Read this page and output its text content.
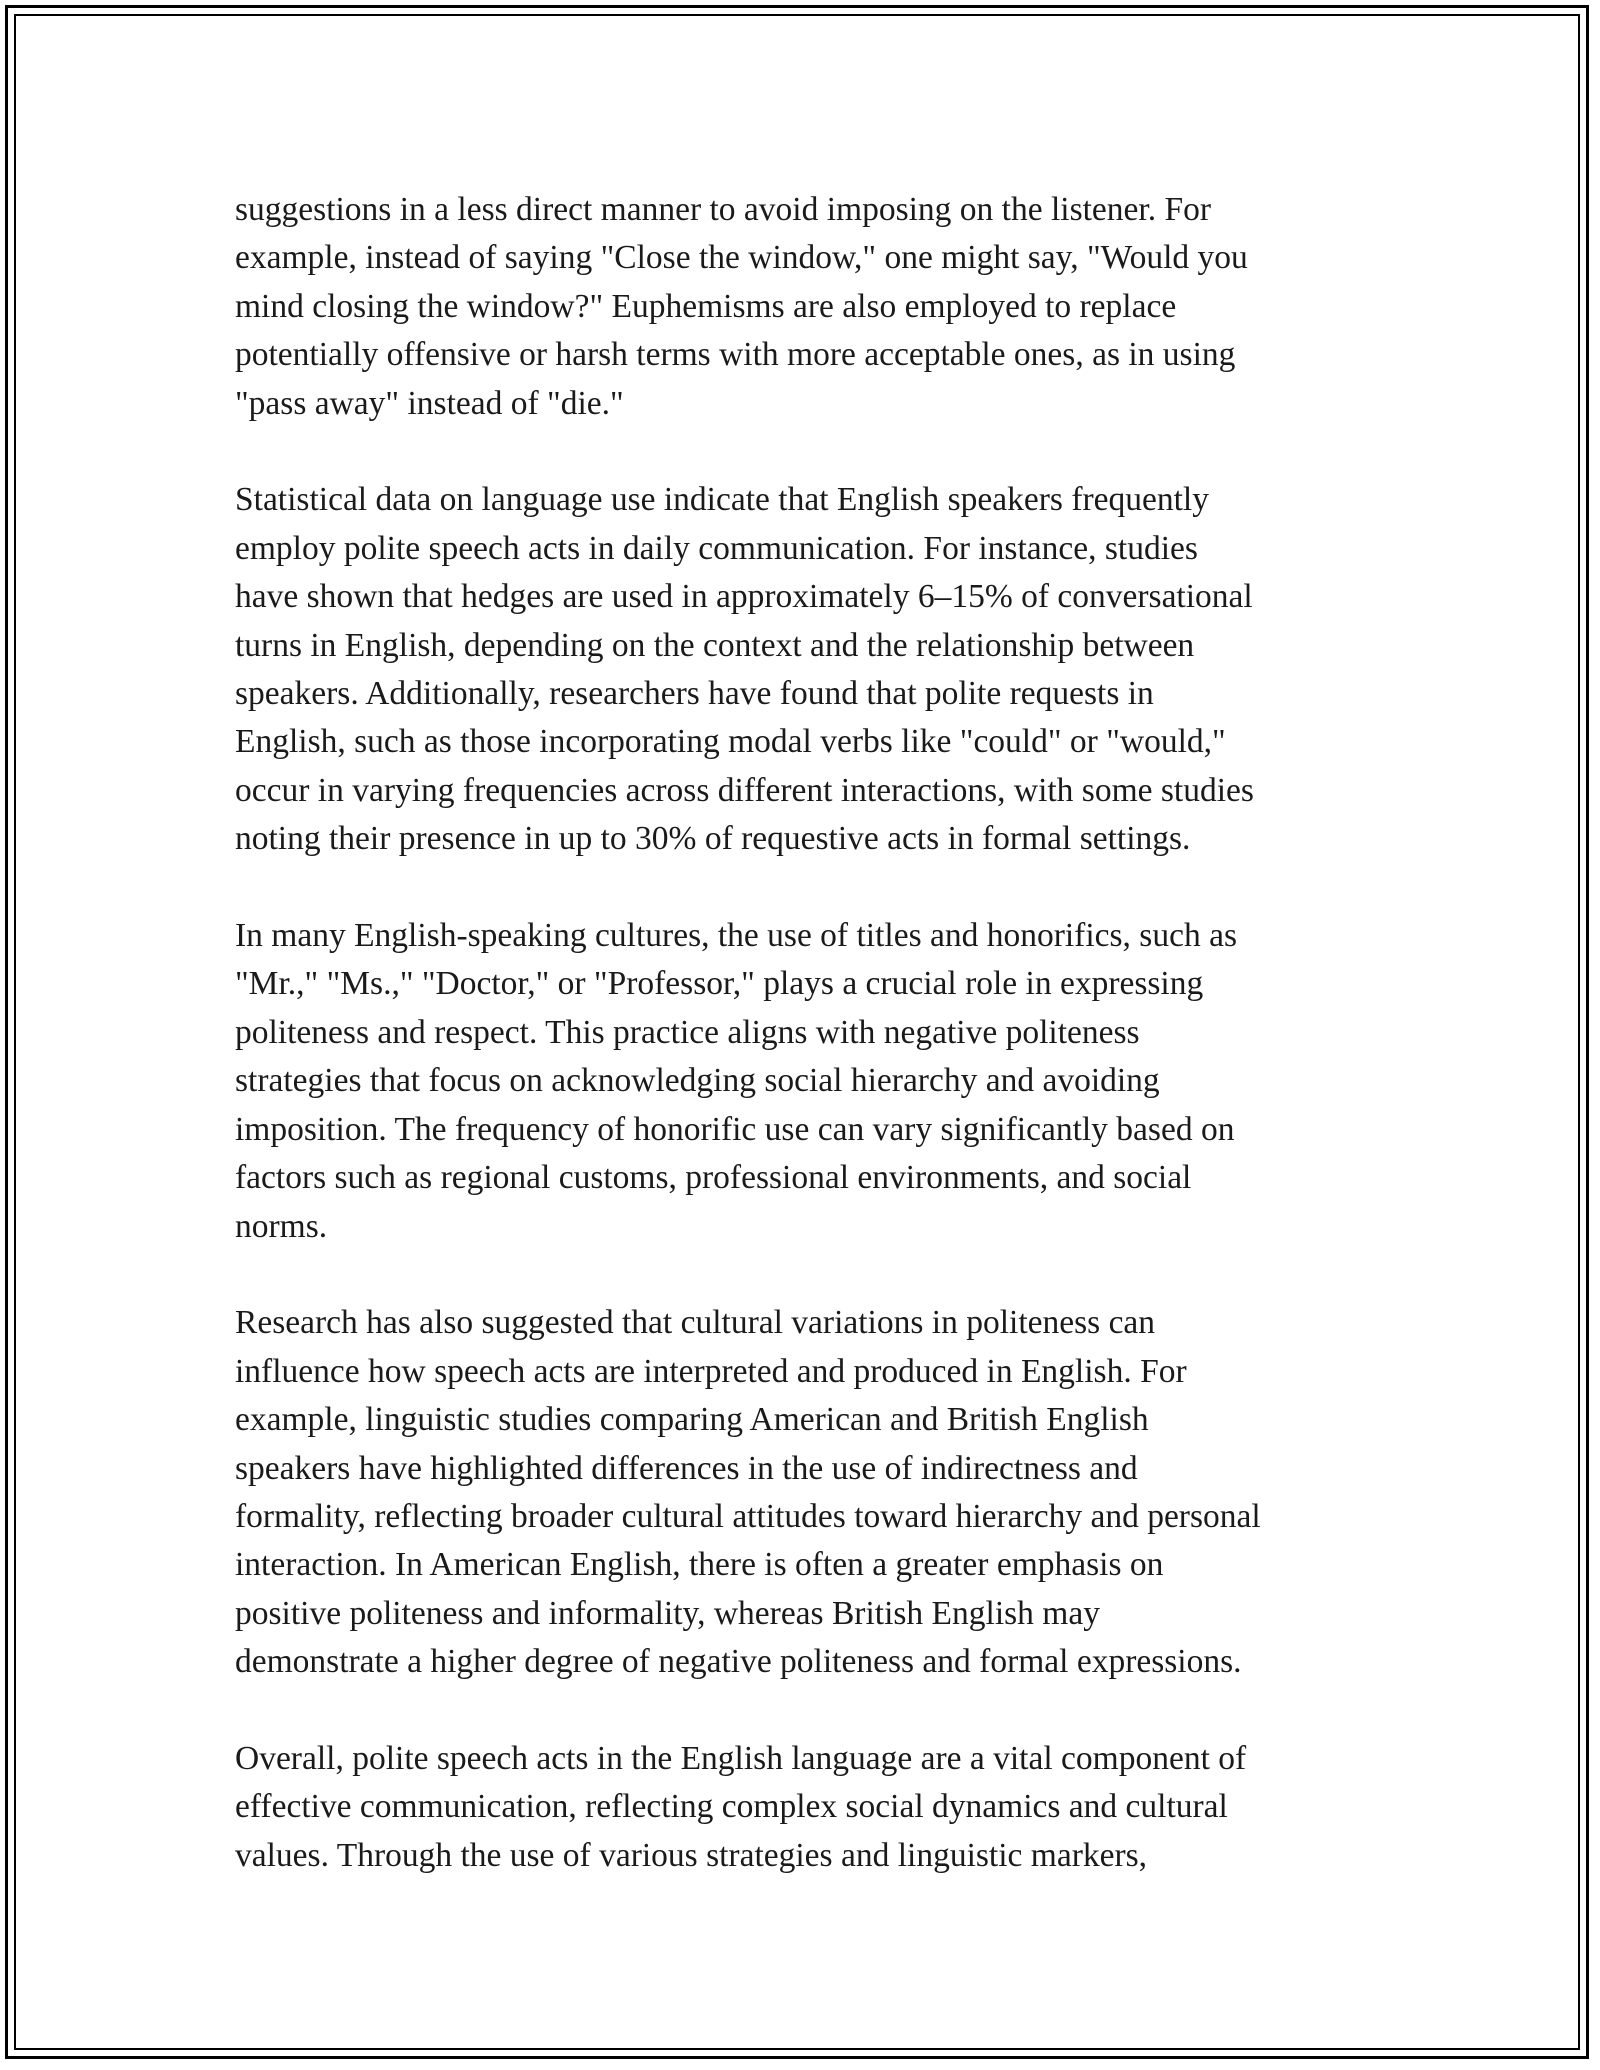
suggestions in a less direct manner to avoid imposing on the listener. For
example, instead of saying "Close the window," one might say, "Would you
mind closing the window?" Euphemisms are also employed to replace
potentially offensive or harsh terms with more acceptable ones, as in using
"pass away" instead of "die."

Statistical data on language use indicate that English speakers frequently
employ polite speech acts in daily communication. For instance, studies
have shown that hedges are used in approximately 6–15% of conversational
turns in English, depending on the context and the relationship between
speakers. Additionally, researchers have found that polite requests in
English, such as those incorporating modal verbs like "could" or "would,"
occur in varying frequencies across different interactions, with some studies
noting their presence in up to 30% of requestive acts in formal settings.

In many English-speaking cultures, the use of titles and honorifics, such as
"Mr.," "Ms.," "Doctor," or "Professor," plays a crucial role in expressing
politeness and respect. This practice aligns with negative politeness
strategies that focus on acknowledging social hierarchy and avoiding
imposition. The frequency of honorific use can vary significantly based on
factors such as regional customs, professional environments, and social
norms.

Research has also suggested that cultural variations in politeness can
influence how speech acts are interpreted and produced in English. For
example, linguistic studies comparing American and British English
speakers have highlighted differences in the use of indirectness and
formality, reflecting broader cultural attitudes toward hierarchy and personal
interaction. In American English, there is often a greater emphasis on
positive politeness and informality, whereas British English may
demonstrate a higher degree of negative politeness and formal expressions.

Overall, polite speech acts in the English language are a vital component of
effective communication, reflecting complex social dynamics and cultural
values. Through the use of various strategies and linguistic markers,
